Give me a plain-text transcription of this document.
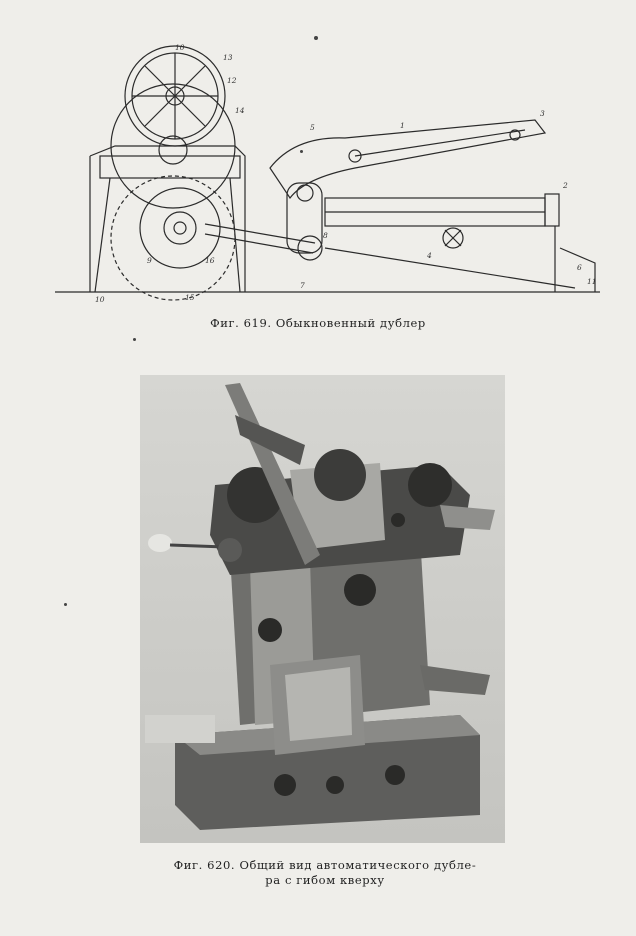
10
13
12
14
5	1
3
2
4
6
7
8
9
10	15
16
11
Фиг. 619. Обыкновенный дублер
Фиг. 620. Общий вид автоматического дубле-
ра с гибом кверху
